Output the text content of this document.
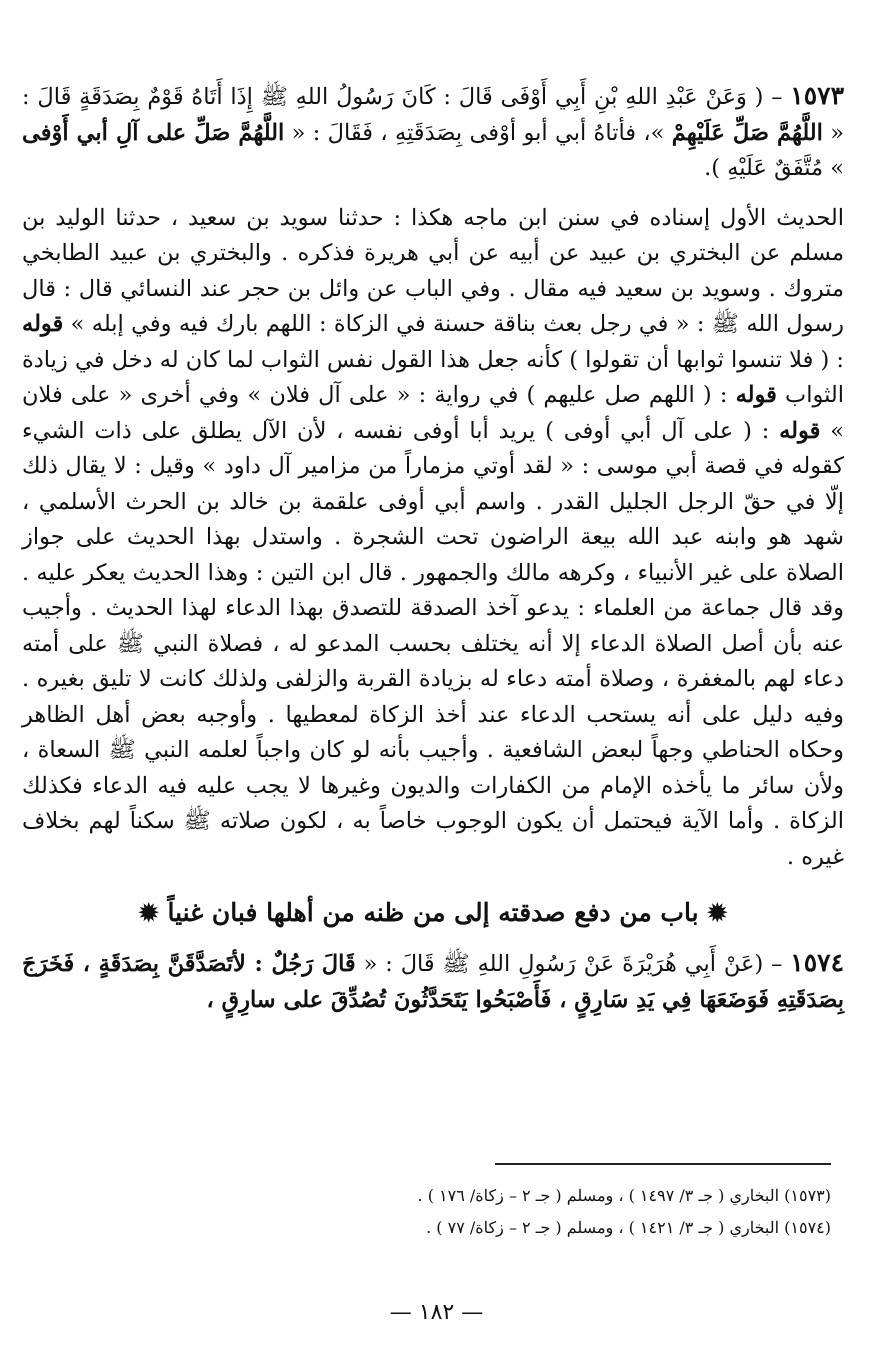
١٥٧٣ – ( وَعَنْ عَبْدِ اللهِ بْنِ أَبِي أَوْفَى قَالَ : كَانَ رَسُولُ اللهِ ﷺ إِذَا أَتَاهُ قَوْمٌ بِصَدَقَةٍ قَالَ : « اللَّهُمَّ صَلِّ عَلَيْهِمْ »، فأتاهُ أبي أبو أوْفى بِصَدَقَتِهِ ، فَقَالَ : « اللَّهُمَّ صَلِّ على آلِ أبي أَوْفى » مُتَّفَقٌ عَلَيْهِ ).

الحديث الأول إسناده في سنن ابن ماجه هكذا : حدثنا سويد بن سعيد ، حدثنا الوليد بن مسلم عن البختري بن عبيد عن أبيه عن أبي هريرة فذكره . والبختري بن عبيد الطابخي متروك . وسويد بن سعيد فيه مقال . وفي الباب عن وائل بن حجر عند النسائي قال : قال رسول الله ﷺ : « في رجل بعث بناقة حسنة في الزكاة : اللهم بارك فيه وفي إبله » قوله : ( فلا تنسوا ثوابها أن تقولوا ) كأنه جعل هذا القول نفس الثواب لما كان له دخل في زيادة الثواب قوله : ( اللهم صل عليهم ) في رواية : « على آل فلان » وفي أخرى « على فلان » قوله : ( على آل أبي أوفى ) يريد أبا أوفى نفسه ، لأن الآل يطلق على ذات الشيء كقوله في قصة أبي موسى : « لقد أوتي مزماراً من مزامير آل داود » وقيل : لا يقال ذلك إلّا في حقّ الرجل الجليل القدر . واسم أبي أوفى علقمة بن خالد بن الحرث الأسلمي ، شهد هو وابنه عبد الله بيعة الراضون تحت الشجرة . واستدل بهذا الحديث على جواز الصلاة على غير الأنبياء ، وكرهه مالك والجمهور . قال ابن التين : وهذا الحديث يعكر عليه . وقد قال جماعة من العلماء : يدعو آخذ الصدقة للتصدق بهذا الدعاء لهذا الحديث . وأجيب عنه بأن أصل الصلاة الدعاء إلا أنه يختلف بحسب المدعو له ، فصلاة النبي ﷺ على أمته دعاء لهم بالمغفرة ، وصلاة أمته دعاء له بزيادة القربة والزلفى ولذلك كانت لا تليق بغيره . وفيه دليل على أنه يستحب الدعاء عند أخذ الزكاة لمعطيها . وأوجبه بعض أهل الظاهر وحكاه الحناطي وجهاً لبعض الشافعية . وأجيب بأنه لو كان واجباً لعلمه النبي ﷺ السعاة ، ولأن سائر ما يأخذه الإمام من الكفارات والديون وغيرها لا يجب عليه فيه الدعاء فكذلك الزكاة . وأما الآية فيحتمل أن يكون الوجوب خاصاً به ، لكون صلاته ﷺ سكناً لهم بخلاف غيره .

✹ باب من دفع صدقته إلى من ظنه من أهلها فبان غنياً ✹

١٥٧٤ – (عَنْ أَبِي هُرَيْرَةَ عَنْ رَسُولِ اللهِ ﷺ قَالَ : « قَالَ رَجُلٌ : لأتَصَدَّقَنَّ بِصَدَقَةٍ ، فَخَرَجَ بِصَدَقَتِهِ فَوَضَعَهَا فِي يَدِ سَارِقٍ ، فَأَصْبَحُوا يَتَحَدَّثُونَ تُصُدِّقَ على سارِقٍ ،

(١٥٧٣) البخاري ( جـ ٣/ ١٤٩٧ ) ، ومسلم ( جـ ٢ – زكاة/ ١٧٦ ) .

(١٥٧٤) البخاري ( جـ ٣/ ١٤٢١ ) ، ومسلم ( جـ ٢ – زكاة/ ٧٧ ) .

— ١٨٢ —
